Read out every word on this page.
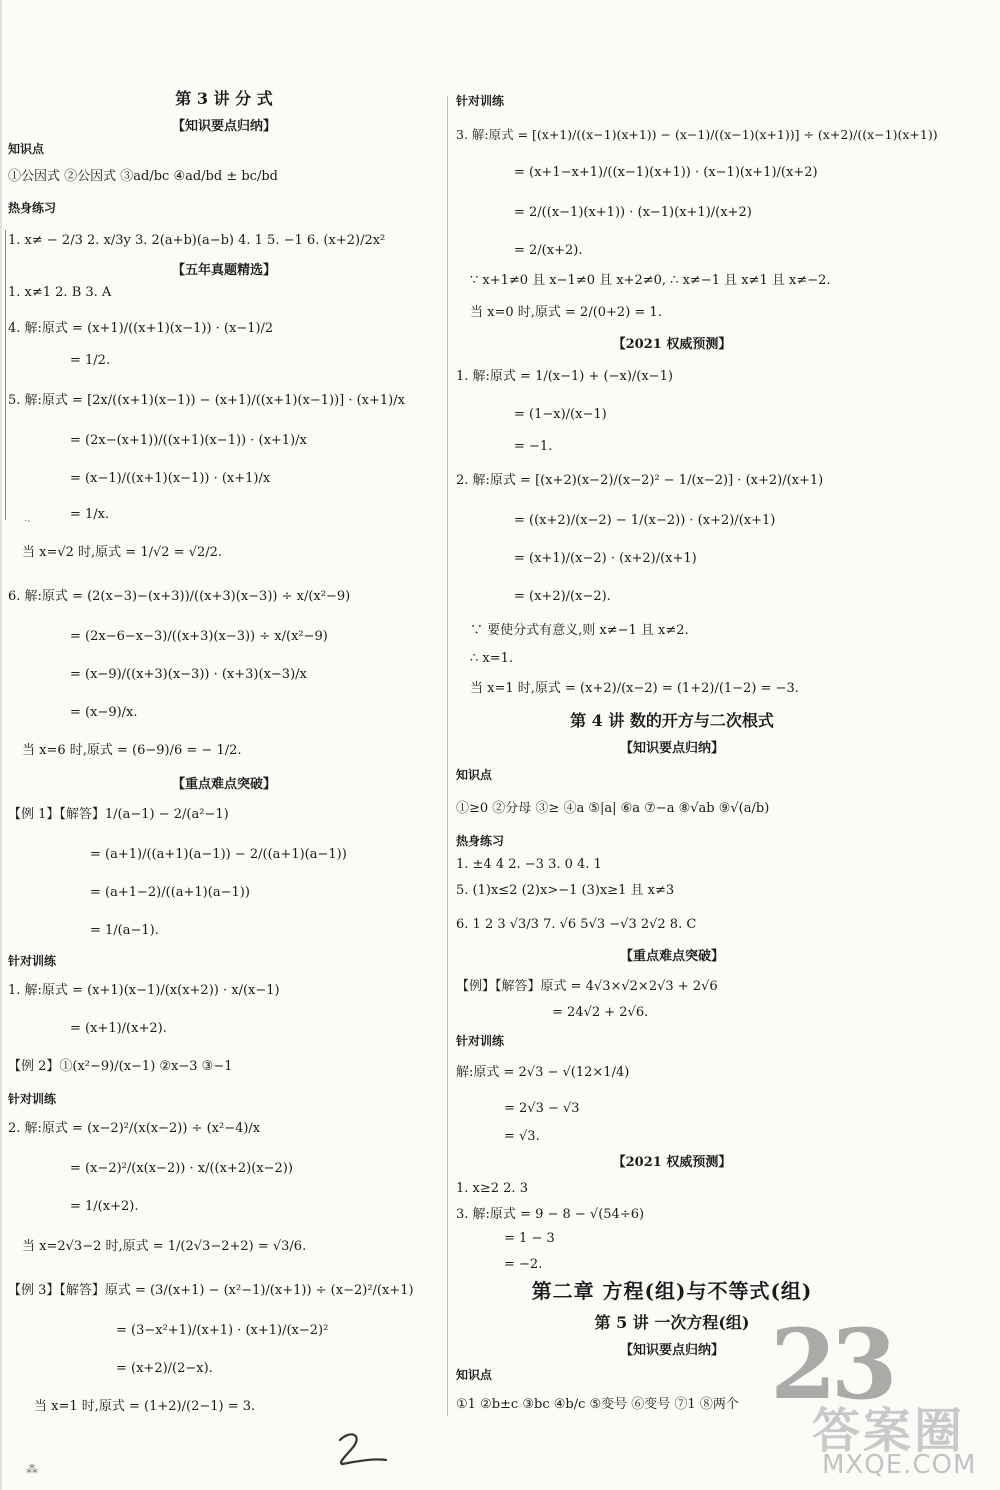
第 3 讲 分 式
【知识要点归纳】
知识点
①公因式 ②公因式 ③ad/bc ④ad/bd ± bc/bd
热身练习
1. x≠ − 2/3 2. x/3y 3. 2(a+b)(a−b) 4. 1 5. −1 6. (x+2)/2x²
【五年真题精选】
1. x≠1 2. B 3. A
4. 解:原式 = (x+1)/((x+1)(x−1)) · (x−1)/2
= 1/2.
5. 解:原式 = [2x/((x+1)(x−1)) − (x+1)/((x+1)(x−1))] · (x+1)/x
= (2x−(x+1))/((x+1)(x−1)) · (x+1)/x
= (x−1)/((x+1)(x−1)) · (x+1)/x
= 1/x.
当 x=√2 时,原式 = 1/√2 = √2/2.
6. 解:原式 = (2(x−3)−(x+3))/((x+3)(x−3)) ÷ x/(x²−9)
= (2x−6−x−3)/((x+3)(x−3)) ÷ x/(x²−9)
= (x−9)/((x+3)(x−3)) · (x+3)(x−3)/x
= (x−9)/x.
当 x=6 时,原式 = (6−9)/6 = − 1/2.
【重点难点突破】
【例 1】【解答】1/(a−1) − 2/(a²−1)
= (a+1)/((a+1)(a−1)) − 2/((a+1)(a−1))
= (a+1−2)/((a+1)(a−1))
= 1/(a−1).
针对训练
1. 解:原式 = (x+1)(x−1)/(x(x+2)) · x/(x−1)
= (x+1)/(x+2).
【例 2】①(x²−9)/(x−1) ②x−3 ③−1
针对训练
2. 解:原式 = (x−2)²/(x(x−2)) ÷ (x²−4)/x
= (x−2)²/(x(x−2)) · x/((x+2)(x−2))
= 1/(x+2).
当 x=2√3−2 时,原式 = 1/(2√3−2+2) = √3/6.
【例 3】【解答】原式 = (3/(x+1) − (x²−1)/(x+1)) ÷ (x−2)²/(x+1)
= (3−x²+1)/(x+1) · (x+1)/(x−2)²
= (x+2)/(2−x).
当 x=1 时,原式 = (1+2)/(2−1) = 3.
针对训练
3. 解:原式 = [(x+1)/((x−1)(x+1)) − (x−1)/((x−1)(x+1))] ÷ (x+2)/((x−1)(x+1))
= (x+1−x+1)/((x−1)(x+1)) · (x−1)(x+1)/(x+2)
= 2/((x−1)(x+1)) · (x−1)(x+1)/(x+2)
= 2/(x+2).
∵ x+1≠0 且 x−1≠0 且 x+2≠0, ∴ x≠−1 且 x≠1 且 x≠−2.
当 x=0 时,原式 = 2/(0+2) = 1.
【2021 权威预测】
1. 解:原式 = 1/(x−1) + (−x)/(x−1)
= (1−x)/(x−1)
= −1.
2. 解:原式 = [(x+2)(x−2)/(x−2)² − 1/(x−2)] · (x+2)/(x+1)
= ((x+2)/(x−2) − 1/(x−2)) · (x+2)/(x+1)
= (x+1)/(x−2) · (x+2)/(x+1)
= (x+2)/(x−2).
∵ 要使分式有意义,则 x≠−1 且 x≠2.
∴ x=1.
当 x=1 时,原式 = (x+2)/(x−2) = (1+2)/(1−2) = −3.
第 4 讲 数的开方与二次根式
【知识要点归纳】
知识点
①≥0 ②分母 ③≥ ④a ⑤|a| ⑥a ⑦−a ⑧√ab ⑨√(a/b)
热身练习
1. ±4 4 2. −3 3. 0 4. 1
5. (1)x≤2 (2)x>−1 (3)x≥1 且 x≠3
6. 1 2 3 √3/3 7. √6 5√3 −√3 2√2 8. C
【重点难点突破】
【例】【解答】原式 = 4√3×√2×2√3 + 2√6
= 24√2 + 2√6.
针对训练
解:原式 = 2√3 − √(12×1/4)
= 2√3 − √3
= √3.
【2021 权威预测】
1. x≥2 2. 3
3. 解:原式 = 9 − 8 − √(54÷6)
= 1 − 3
= −2.
第二章 方程(组)与不等式(组)
第 5 讲 一次方程(组)
【知识要点归纳】
知识点
①1 ②b±c ③bc ④b/c ⑤变号 ⑥变号 ⑦1 ⑧两个 23
答案圈
MXQE.COM
·-
⁂
